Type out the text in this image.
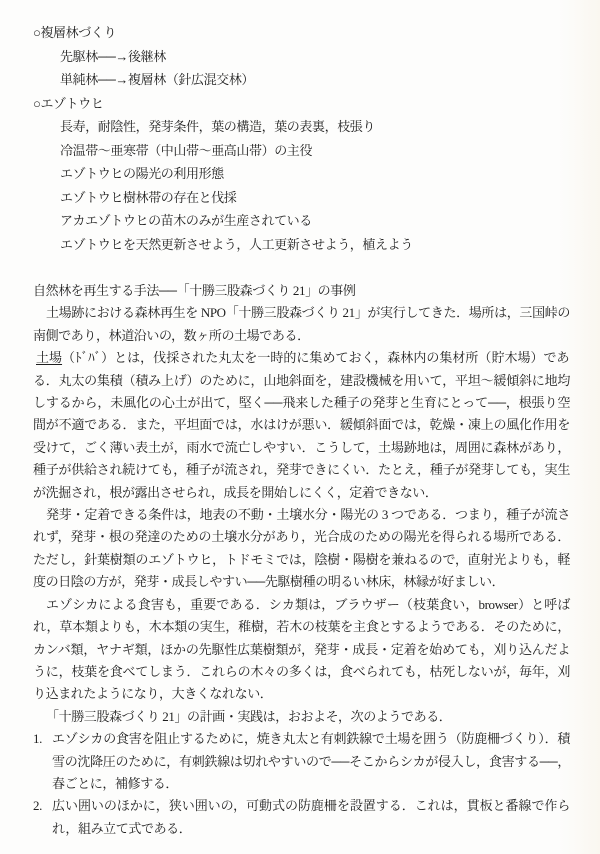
○複層林づくり
先駆林──→後継林
単純林──→複層林（針広混交林）
○エゾトウヒ
長寿，耐陰性，発芽条件，葉の構造，葉の表裏，枝張り
冷温帯～亜寒帯（中山帯～亜高山帯）の主役
エゾトウヒの陽光の利用形態
エゾトウヒ樹林帯の存在と伐採
アカエゾトウヒの苗木のみが生産されている
エゾトウヒを天然更新させよう，人工更新させよう，植えよう
自然林を再生する手法──「十勝三股森づくり 21」の事例

土場跡における森林再生を NPO「十勝三股森づくり 21」が実行してきた．場所は，三国峠の南側であり，林道沿いの，数ヶ所の土場である．

土場（ﾄﾞﾊﾞ）とは，伐採された丸太を一時的に集めておく，森林内の集材所（貯木場）である．丸太の集積（積み上げ）のために，山地斜面を，建設機械を用いて，平坦～緩傾斜に地均しするから，未風化の心土が出て，堅く──飛来した種子の発芽と生育にとって──，根張り空間が不適である．また，平坦面では，水はけが悪い．緩傾斜面では，乾燥・凍上の風化作用を受けて，ごく薄い表土が，雨水で流亡しやすい．こうして，土場跡地は，周囲に森林があり，種子が供給され続けても，種子が流され，発芽できにくい．たとえ，種子が発芽しても，実生が洗掘され，根が露出させられ，成長を開始しにくく，定着できない．

発芽・定着できる条件は，地表の不動・土壌水分・陽光の 3 つである．つまり，種子が流されず，発芽・根の発達のための土壌水分があり，光合成のための陽光を得られる場所である．ただし，針葉樹類のエゾトウヒ，トドモミでは，陰樹・陽樹を兼ねるので，直射光よりも，軽度の日陰の方が，発芽・成長しやすい──先駆樹種の明るい林床，林縁が好ましい．

エゾシカによる食害も，重要である．シカ類は，ブラウザー（枝葉食い，browser）と呼ばれ，草本類よりも，木本類の実生，稚樹，若木の枝葉を主食とするようである．そのために，カンバ類，ヤナギ類，ほかの先駆性広葉樹類が，発芽・成長・定着を始めても，刈り込んだように，枝葉を食べてしまう．これらの木々の多くは，食べられても，枯死しないが，毎年，刈り込まれたようになり，大きくなれない．

「十勝三股森づくり 21」の計画・実践は，おおよそ，次のようである．

1. エゾシカの食害を阻止するために，焼き丸太と有刺鉄線で土場を囲う（防鹿柵づくり）．積雪の沈降圧のために，有刺鉄線は切れやすいので──そこからシカが侵入し，食害する──，春ごとに，補修する．
2. 広い囲いのほかに，狭い囲いの，可動式の防鹿柵を設置する．これは，貫板と番線で作られ，組み立て式である．
